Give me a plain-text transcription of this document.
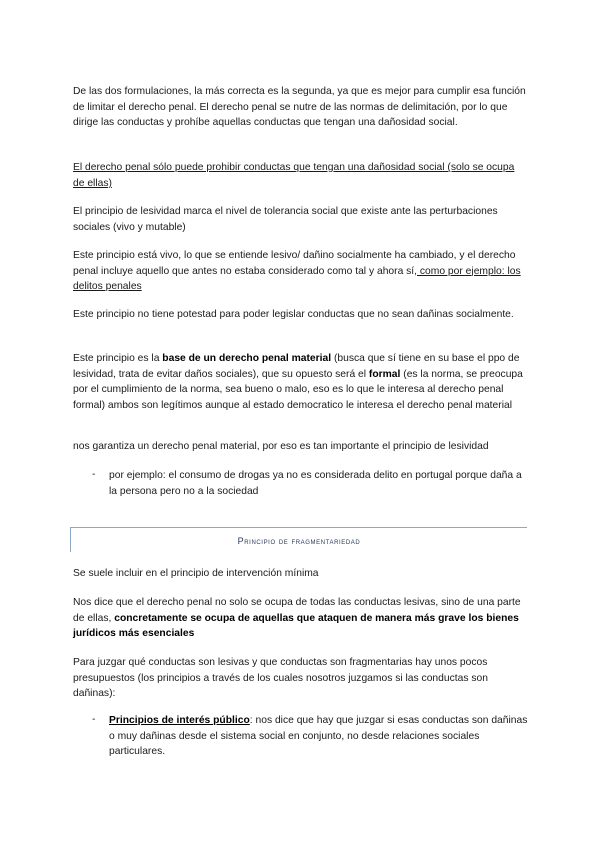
De las dos formulaciones, la más correcta es la segunda, ya que es mejor para cumplir esa función de limitar el derecho penal. El derecho penal se nutre de las normas de delimitación, por lo que dirige las conductas y prohíbe aquellas conductas que tengan una dañosidad social.

El derecho penal sólo puede prohibir conductas que tengan una dañosidad social (solo se ocupa de ellas)

El principio de lesividad marca el nivel de tolerancia social que existe ante las perturbaciones sociales (vivo y mutable)

Este principio está vivo, lo que se entiende lesivo/ dañino socialmente ha cambiado, y el derecho penal incluye aquello que antes no estaba considerado como tal y ahora sí, como por ejemplo: los delitos penales

Este principio no tiene potestad para poder legislar conductas que no sean dañinas socialmente.

Este principio es la base de un derecho penal material (busca que sí tiene en su base el ppo de lesividad, trata de evitar daños sociales), que su opuesto será el formal (es la norma, se preocupa por el cumplimiento de la norma, sea bueno o malo, eso es lo que le interesa al derecho penal formal) ambos son legítimos aunque al estado democratico le interesa el derecho penal material

nos garantiza un derecho penal material, por eso es tan importante el principio de lesividad

- por ejemplo: el consumo de drogas ya no es considerada delito en portugal porque daña a la persona pero no a la sociedad

Principio de fragmentariedad

Se suele incluir en el principio de intervención mínima

Nos dice que el derecho penal no solo se ocupa de todas las conductas lesivas, sino de una parte de ellas, concretamente se ocupa de aquellas que ataquen de manera más grave los bienes jurídicos más esenciales

Para juzgar qué conductas son lesivas y que conductas son fragmentarias hay unos pocos presupuestos (los principios a través de los cuales nosotros juzgamos si las conductas son dañinas):

- Principios de interés público: nos dice que hay que juzgar si esas conductas son dañinas o muy dañinas desde el sistema social en conjunto, no desde relaciones sociales particulares.
